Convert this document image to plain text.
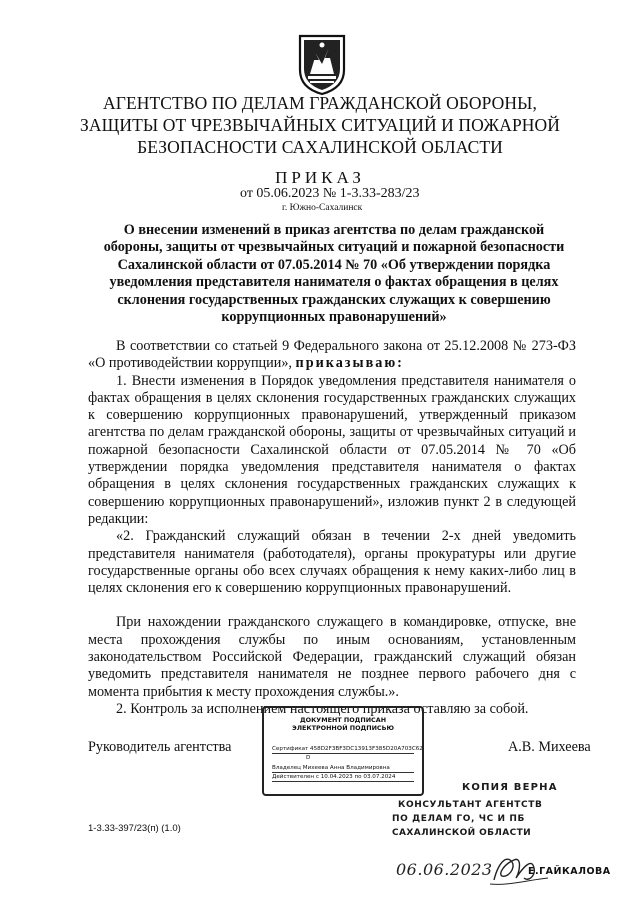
АГЕНТСТВО ПО ДЕЛАМ ГРАЖДАНСКОЙ ОБОРОНЫ,
ЗАЩИТЫ ОТ ЧРЕЗВЫЧАЙНЫХ СИТУАЦИЙ И ПОЖАРНОЙ
БЕЗОПАСНОСТИ САХАЛИНСКОЙ ОБЛАСТИ
ПРИКАЗ
от 05.06.2023 № 1-3.33-283/23
г. Южно-Сахалинск
О внесении изменений в приказ агентства по делам гражданской
обороны, защиты от чрезвычайных ситуаций и пожарной безопасности
Сахалинской области от 07.05.2014 № 70 «Об утверждении порядка
уведомления представителя нанимателя о фактах обращения в целях
склонения государственных гражданских служащих к совершению
коррупционных правонарушений»

В соответствии со статьей 9 Федерального закона от 25.12.2008 № 273-ФЗ «О противодействии коррупции», приказываю:

1. Внести изменения в Порядок уведомления представителя нанимателя о фактах обращения в целях склонения государственных гражданских служащих к совершению коррупционных правонарушений, утвержденный приказом агентства по делам гражданской обороны, защиты от чрезвычайных ситуаций и пожарной безопасности Сахалинской области от 07.05.2014 № 70 «Об утверждении порядка уведомления представителя нанимателя о фактах обращения в целях склонения государственных гражданских служащих к совершению коррупционных правонарушений», изложив пункт 2 в следующей редакции:

«2. Гражданский служащий обязан в течении 2-х дней уведомить представителя нанимателя (работодателя), органы прокуратуры или другие государственные органы обо всех случаях обращения к нему каких-либо лиц в целях склонения его к совершению коррупционных правонарушений.

При нахождении гражданского служащего в командировке, отпуске, вне места прохождения службы по иным основаниям, установленным законодательством Российской Федерации, гражданский служащий обязан уведомить представителя нанимателя не позднее первого рабочего дня с момента прибытия к месту прохождения службы.».

2. Контроль за исполнением настоящего приказа оставляю за собой.

Руководитель агентства	А.В. Михеева
ДОКУМЕНТ ПОДПИСАН
ЭЛЕКТРОННОЙ ПОДПИСЬЮ
Сертификат 458D2F3BF3DC13913F385D20A703C62
D
Владелец Михеева Анна Владимировна
Действителен с 10.04.2023 по 03.07.2024
КОПИЯ ВЕРНА
КОНСУЛЬТАНТ АГЕНТСТВ
ПО ДЕЛАМ ГО, ЧС И ПБ
САХАЛИНСКОЙ ОБЛАСТИ
1-3.33-397/23(п) (1.0)
06.06.2023	Е.ГАЙКАЛОВА
